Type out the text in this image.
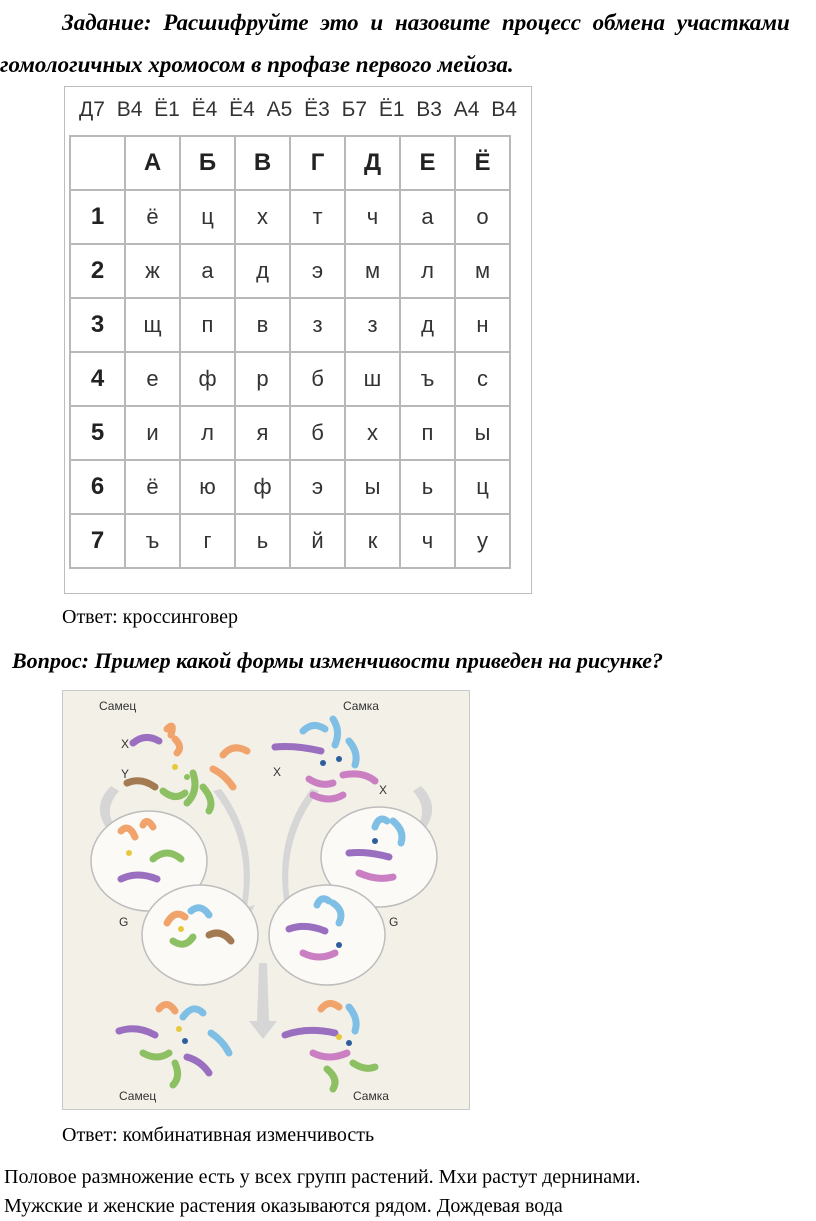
Задание: Расшифруйте это и назовите процесс обмена участками
гомологичных хромосом в профазе первого мейоза.
Д7 В4 Ё1 Ё4 Ё4 А5 Ё3 Б7 Ё1 В3 А4 В4
	А	Б	В	Г	Д	Е	Ё
1	ё	ц	х	т	ч	а	о
2	ж	а	д	э	м	л	м
3	щ	п	в	з	з	д	н
4	е	ф	р	б	ш	ъ	с
5	и	л	я	б	х	п	ы
6	ё	ю	ф	э	ы	ь	ц
7	ъ	г	ь	й	к	ч	у
Ответ: кроссинговер
Вопрос: Пример какой формы изменчивости приведен на рисунке?
Самец	Самка
X
Y	X
X
G	G
Самец	Самка
Ответ: комбинативная изменчивость
Половое размножение есть у всех групп растений. Мхи растут дернинами.
Мужские и женские растения оказываются рядом. Дождевая вода
